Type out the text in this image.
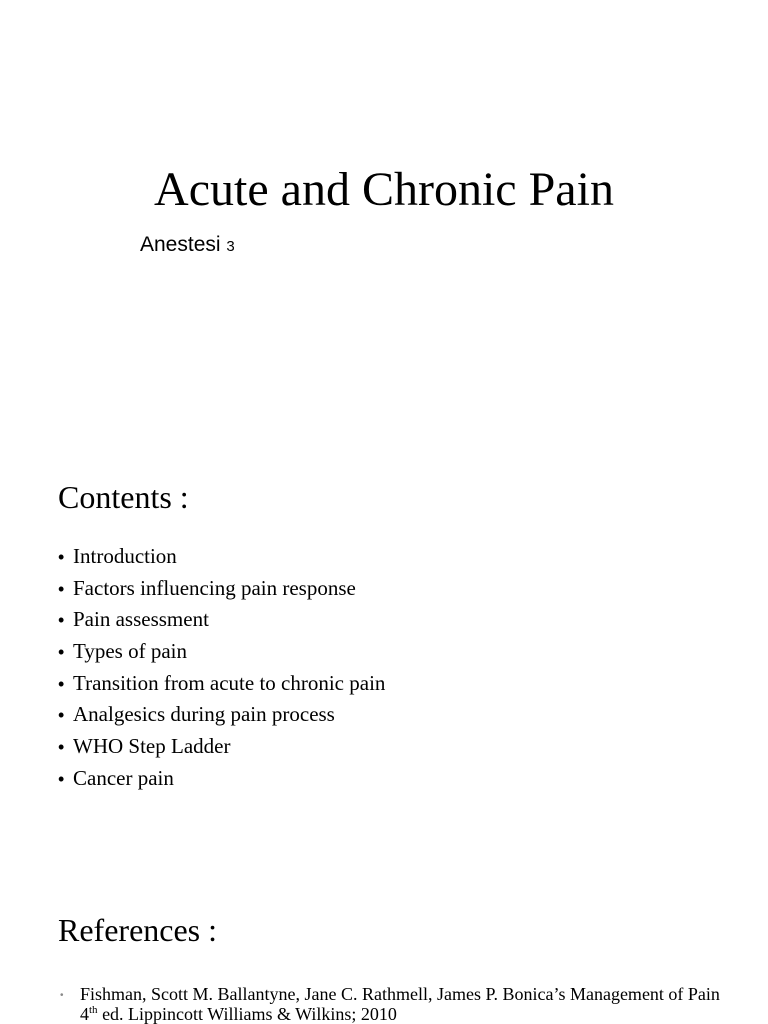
Acute and Chronic Pain
Anestesi 3
Contents :
• Introduction
• Factors influencing pain response
• Pain assessment
• Types of pain
• Transition from acute to chronic pain
• Analgesics during pain process
• WHO Step Ladder
• Cancer pain
References :
• Fishman, Scott M. Ballantyne, Jane C. Rathmell, James P. Bonica’s Management of Pain 4th ed. Lippincott Williams & Wilkins; 2010
